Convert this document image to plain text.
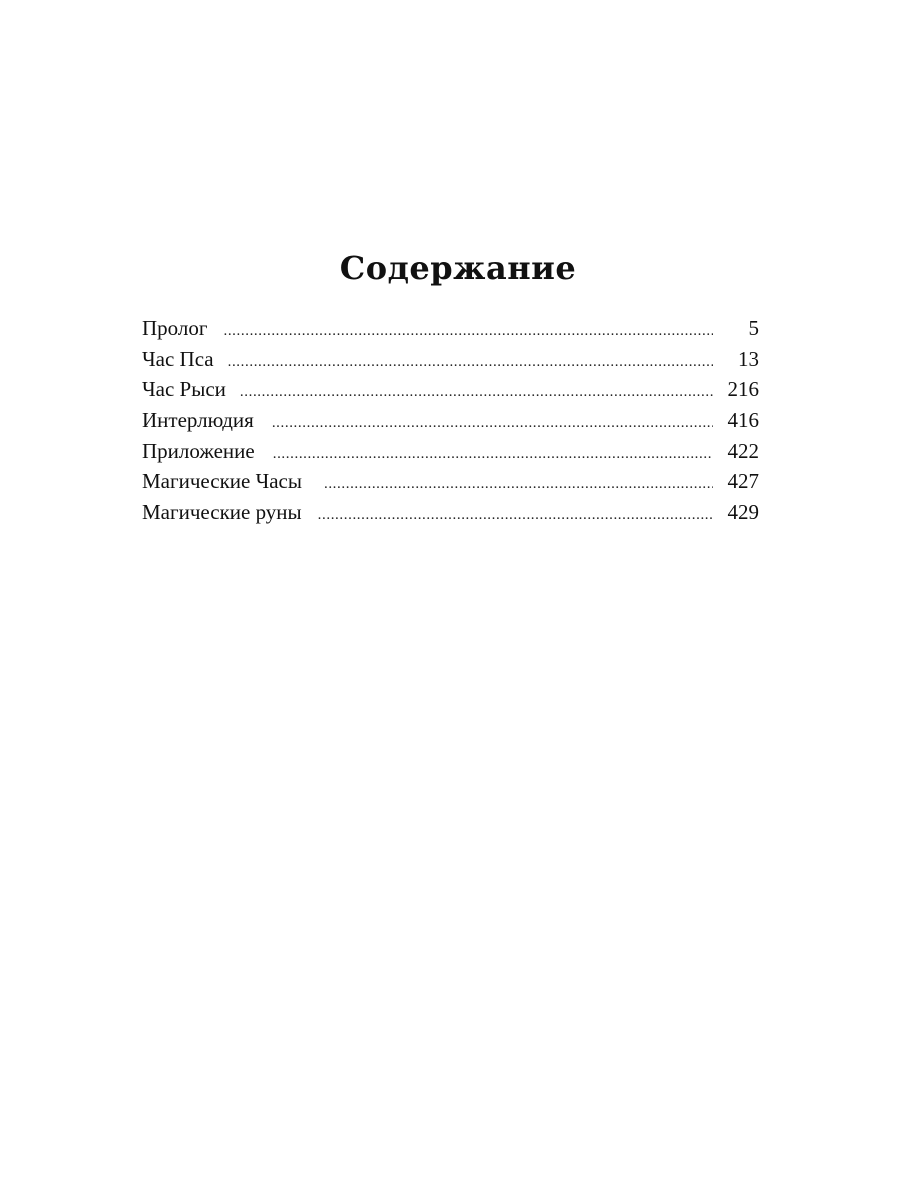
Содержание
Пролог .....	5
Час Пса .....	13
Час Рыси .....	216
Интерлюдия .....	416
Приложение .....	422
Магические Часы .....	427
Магические руны .....	429
